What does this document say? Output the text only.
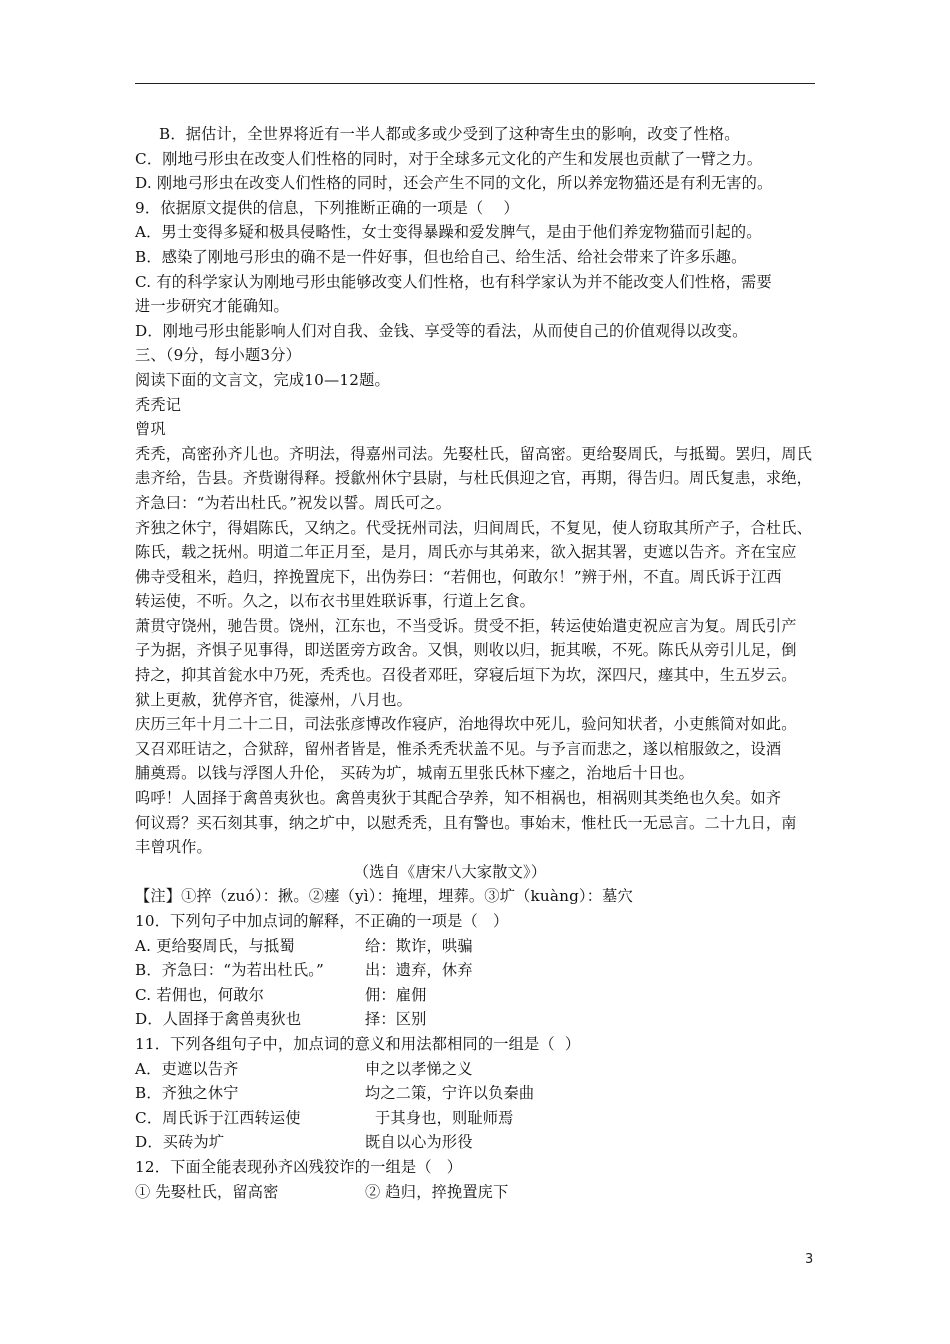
B．据估计，全世界将近有一半人都或多或少受到了这种寄生虫的影响，改变了性格。
C．刚地弓形虫在改变人们性格的同时，对于全球多元文化的产生和发展也贡献了一臂之力。
D. 刚地弓形虫在改变人们性格的同时，还会产生不同的文化，所以养宠物猫还是有利无害的。
9．依据原文提供的信息，下列推断正确的一项是（    ）
A．男士变得多疑和极具侵略性，女士变得暴躁和爱发脾气，是由于他们养宠物猫而引起的。
B．感染了刚地弓形虫的确不是一件好事，但也给自己、给生活、给社会带来了许多乐趣。
C. 有的科学家认为刚地弓形虫能够改变人们性格，也有科学家认为并不能改变人们性格，需要
进一步研究才能确知。
D．刚地弓形虫能影响人们对自我、金钱、享受等的看法，从而使自己的价值观得以改变。
三、（9分，每小题3分）
阅读下面的文言文，完成10—12题。
秃秃记
曾巩
秃秃，高密孙齐儿也。齐明法，得嘉州司法。先娶杜氏，留高密。更给娶周氏，与抵蜀。罢归，周氏
恚齐给，告县。齐赀谢得释。授歙州休宁县尉，与杜氏俱迎之官，再期，得告归。周氏复恚，求绝，
齐急曰：“为若出杜氏。”祝发以誓。周氏可之。
齐独之休宁，得娼陈氏，又纳之。代受抚州司法，归间周氏，不复见，使人窃取其所产子，合杜氏、
陈氏，载之抚州。明道二年正月至，是月，周氏亦与其弟来，欲入据其署，吏遮以告齐。齐在宝应
佛寺受租米，趋归，捽挽置庑下，出伪券曰：“若佣也，何敢尔！”辨于州，不直。周氏诉于江西
转运使，不听。久之，以布衣书里姓联诉事，行道上乞食。
萧贯守饶州，驰告贯。饶州，江东也，不当受诉。贯受不拒，转运使始遣吏祝应言为复。周氏引产
子为据，齐惧子见事得，即送匿旁方政舍。又惧，则收以归，扼其喉，不死。陈氏从旁引儿足，倒
持之，抑其首瓮水中乃死，秃秃也。召役者邓旺，穿寝后垣下为坎，深四尺，瘗其中，生五岁云。
狱上更赦，犹停齐官，徙濠州，八月也。
庆历三年十月二十二日，司法张彦博改作寝庐，治地得坎中死儿，验问知状者，小吏熊简对如此。
又召邓旺诘之，合狱辞，留州者皆是，惟杀秃秃状盖不见。与予言而悲之，遂以棺服敛之，设酒
脯奠焉。以钱与浮图人升伦， 买砖为圹，城南五里张氏林下瘗之，治地后十日也。
呜呼！人固择于禽兽夷狄也。禽兽夷狄于其配合孕养，知不相祸也，相祸则其类绝也久矣。如齐
何议焉？买石刻其事，纳之圹中，以慰秃秃，且有警也。事始末，惟杜氏一无忌言。二十九日，南
丰曾巩作。
（选自《唐宋八大家散文》）
【注】①捽（zuó）：揪。②瘗（yì）：掩埋，埋葬。③圹（kuàng）：墓穴
10．下列句子中加点词的解释，不正确的一项是（   ）
A. 更给娶周氏，与抵蜀	给：欺诈，哄骗
B．齐急曰：“为若出杜氏。”	出：遗弃，休弃
C. 若佣也，何敢尔	佣：雇佣
D．人固择于禽兽夷狄也	择：区别
11．下列各组句子中，加点词的意义和用法都相同的一组是（  ）
A．吏遮以告齐	申之以孝悌之义
B．齐独之休宁	均之二策，宁许以负秦曲
C．周氏诉于江西转运使	于其身也，则耻师焉
D．买砖为圹	既自以心为形役
12．下面全能表现孙齐凶残狡诈的一组是（   ）
① 先娶杜氏，留高密	② 趋归，捽挽置庑下
3
